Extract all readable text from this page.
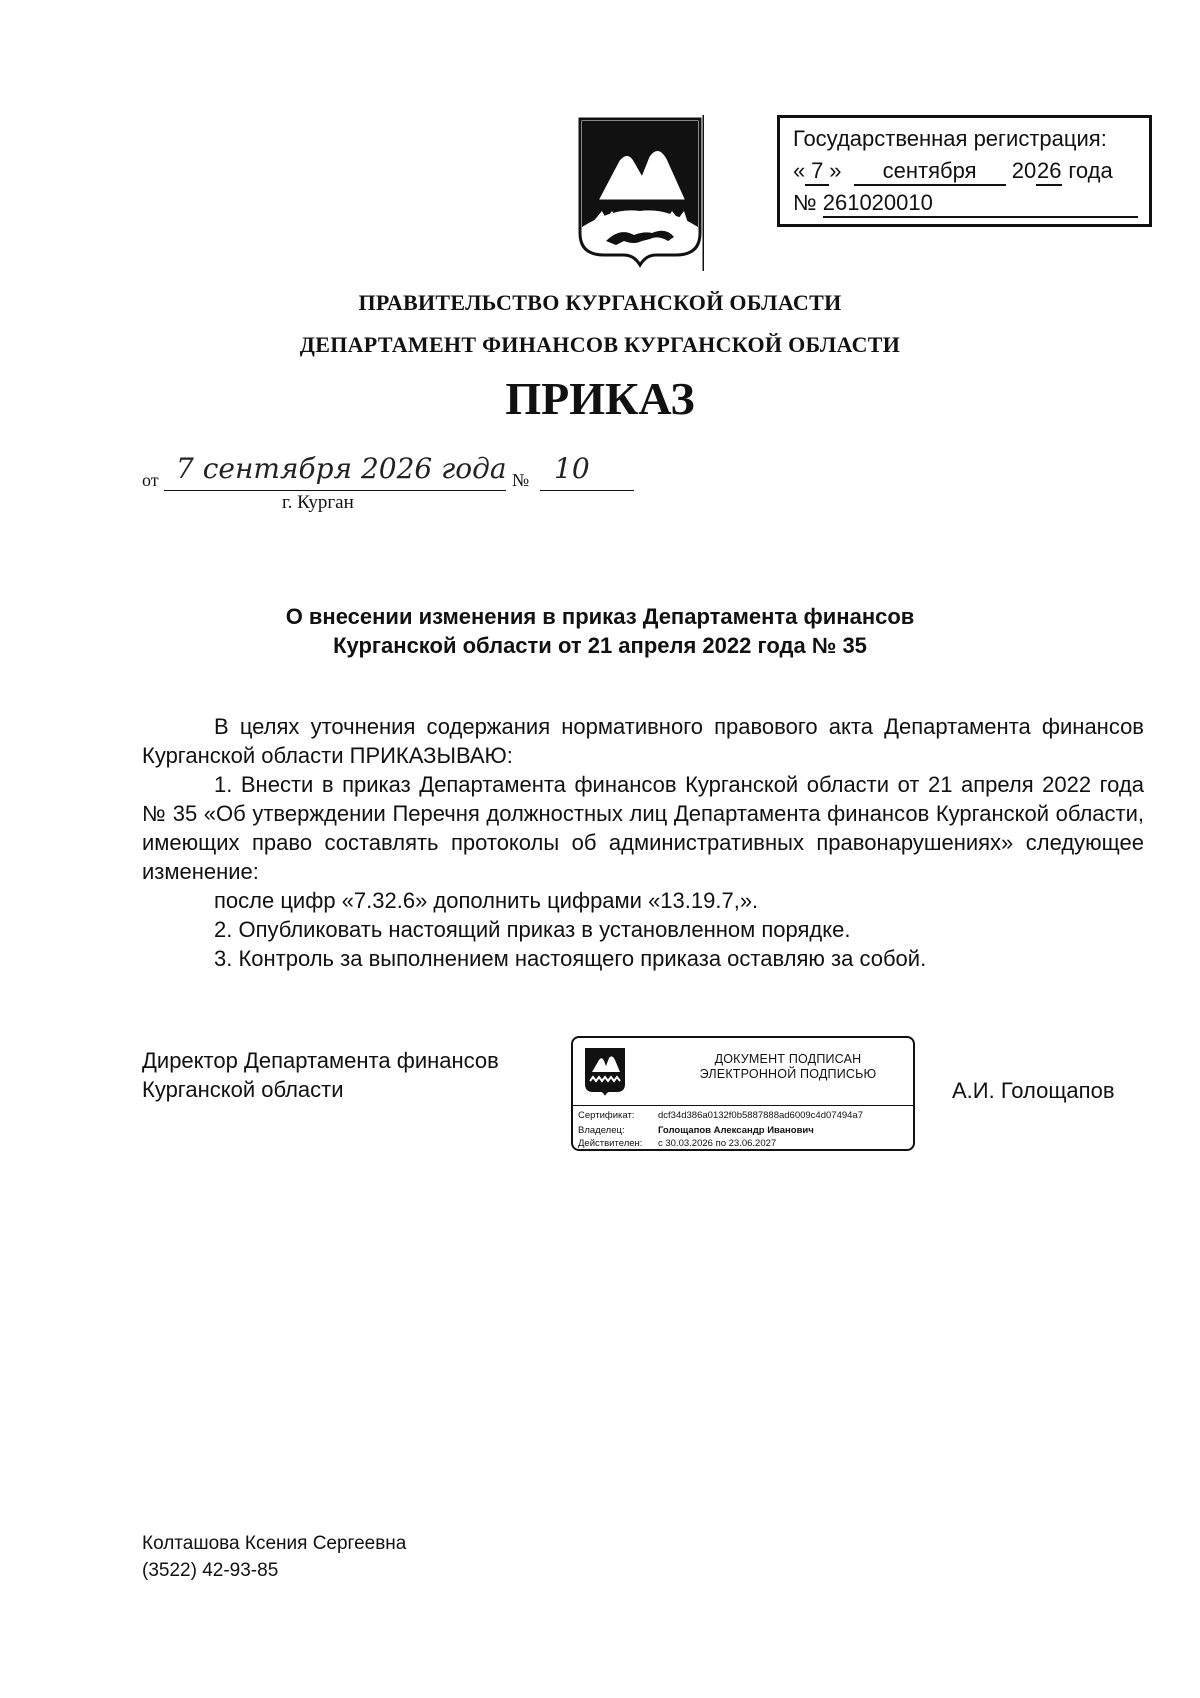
Государственная регистрация:
« 7 » сентября 2026 года
№ 261020010
ПРАВИТЕЛЬСТВО КУРГАНСКОЙ ОБЛАСТИ
ДЕПАРТАМЕНТ ФИНАНСОВ КУРГАНСКОЙ ОБЛАСТИ
ПРИКАЗ
от 7 сентября 2026 года № 10
г. Курган
О внесении изменения в приказ Департамента финансов
Курганской области от 21 апреля 2022 года № 35

В целях уточнения содержания нормативного правового акта Департамента финансов Курганской области ПРИКАЗЫВАЮ:

1. Внести в приказ Департамента финансов Курганской области от 21 апреля 2022 года № 35 «Об утверждении Перечня должностных лиц Департамента финансов Курганской области, имеющих право составлять протоколы об административных правонарушениях» следующее изменение:

после цифр «7.32.6» дополнить цифрами «13.19.7,».

2. Опубликовать настоящий приказ в установленном порядке.

3. Контроль за выполнением настоящего приказа оставляю за собой.

Директор Департамента финансов
Курганской области
ДОКУМЕНТ ПОДПИСАН
ЭЛЕКТРОННОЙ ПОДПИСЬЮ
Сертификат: dcf34d386a0132f0b5887888ad6009c4d07494a7
Владелец:	Голощапов Александр Иванович
Действителен: с 30.03.2026 по 23.06.2027
А.И. Голощапов
Колташова Ксения Сергеевна
(3522) 42-93-85
